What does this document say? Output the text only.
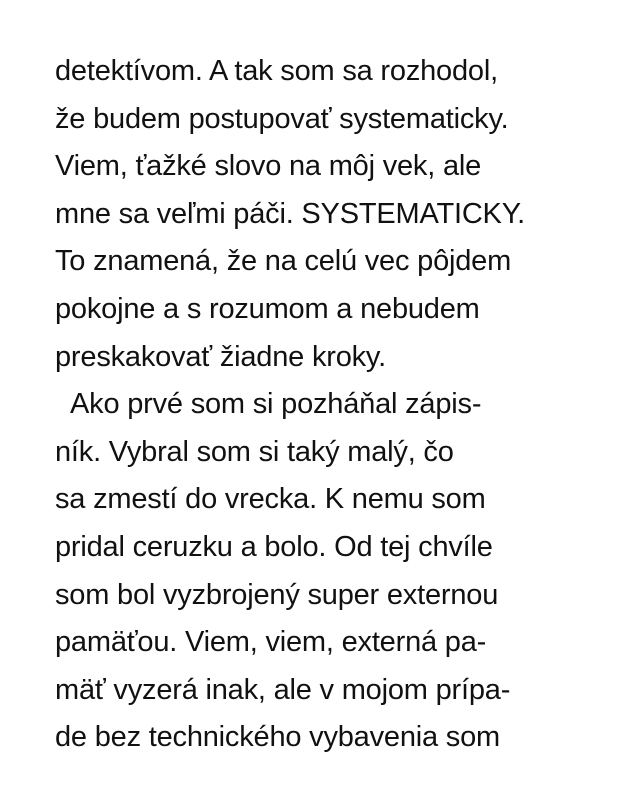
detektívom. A tak som sa rozhodol,
že budem postupovať systematicky.
Viem, ťažké slovo na môj vek, ale
mne sa veľmi páči. SYSTEMATICKY.
To znamená, že na celú vec pôjdem
pokojne a s rozumom a nebudem
preskakovať žiadne kroky.
Ako prvé som si pozháňal zápis-
ník. Vybral som si taký malý, čo
sa zmestí do vrecka. K nemu som
pridal ceruzku a bolo. Od tej chvíle
som bol vyzbrojený super externou
pamäťou. Viem, viem, externá pa-
mäť vyzerá inak, ale v mojom prípa-
de bez technického vybavenia som
